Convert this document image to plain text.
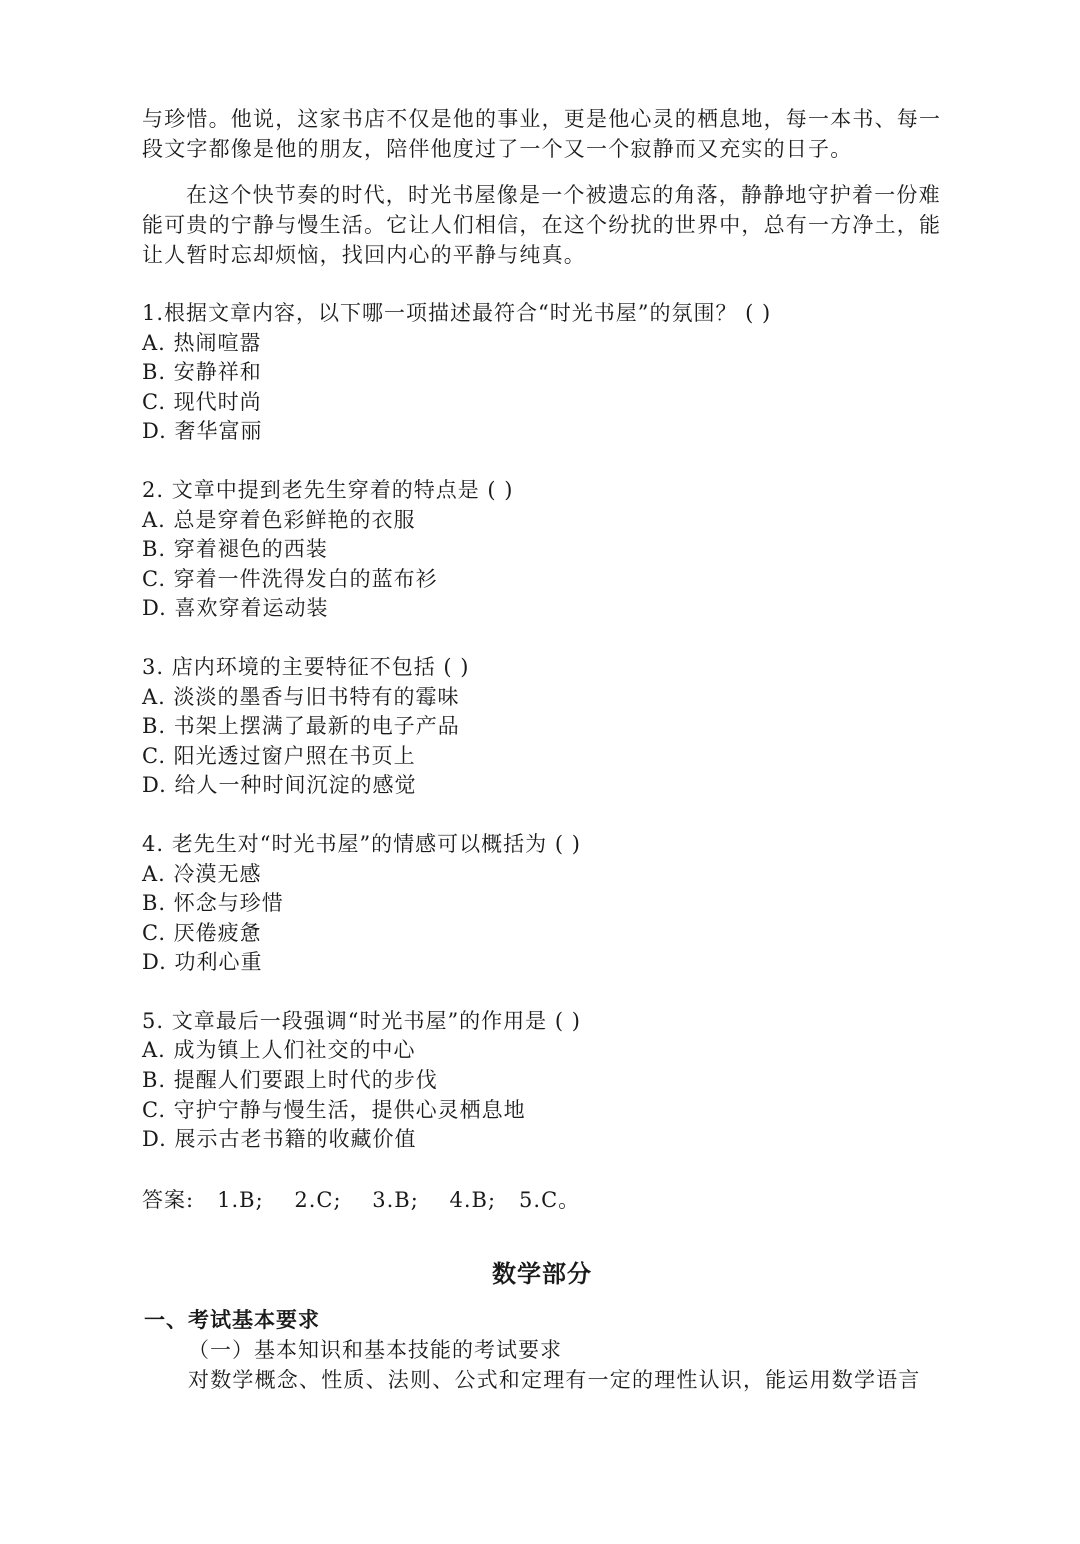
与珍惜。他说，这家书店不仅是他的事业，更是他心灵的栖息地，每一本书、每一段文字都像是他的朋友，陪伴他度过了一个又一个寂静而又充实的日子。

在这个快节奏的时代，时光书屋像是一个被遗忘的角落，静静地守护着一份难能可贵的宁静与慢生活。它让人们相信，在这个纷扰的世界中，总有一方净土，能让人暂时忘却烦恼，找回内心的平静与纯真。

1.根据文章内容，以下哪一项描述最符合“时光书屋”的氛围？ ( )

A. 热闹喧嚣

B. 安静祥和

C. 现代时尚

D. 奢华富丽

2. 文章中提到老先生穿着的特点是 ( )

A. 总是穿着色彩鲜艳的衣服

B. 穿着褪色的西装

C. 穿着一件洗得发白的蓝布衫

D. 喜欢穿着运动装

3. 店内环境的主要特征不包括 ( )

A. 淡淡的墨香与旧书特有的霉味

B. 书架上摆满了最新的电子产品

C. 阳光透过窗户照在书页上

D. 给人一种时间沉淀的感觉

4. 老先生对“时光书屋”的情感可以概括为 ( )

A. 冷漠无感

B. 怀念与珍惜

C. 厌倦疲惫

D. 功利心重

5. 文章最后一段强调“时光书屋”的作用是 ( )

A. 成为镇上人们社交的中心

B. 提醒人们要跟上时代的步伐

C. 守护宁静与慢生活，提供心灵栖息地

D. 展示古老书籍的收藏价值

答案:   1.B;    2.C;    3.B;    4.B;   5.C。
数学部分
一、考试基本要求
（一）基本知识和基本技能的考试要求
对数学概念、性质、法则、公式和定理有一定的理性认识，能运用数学语言
